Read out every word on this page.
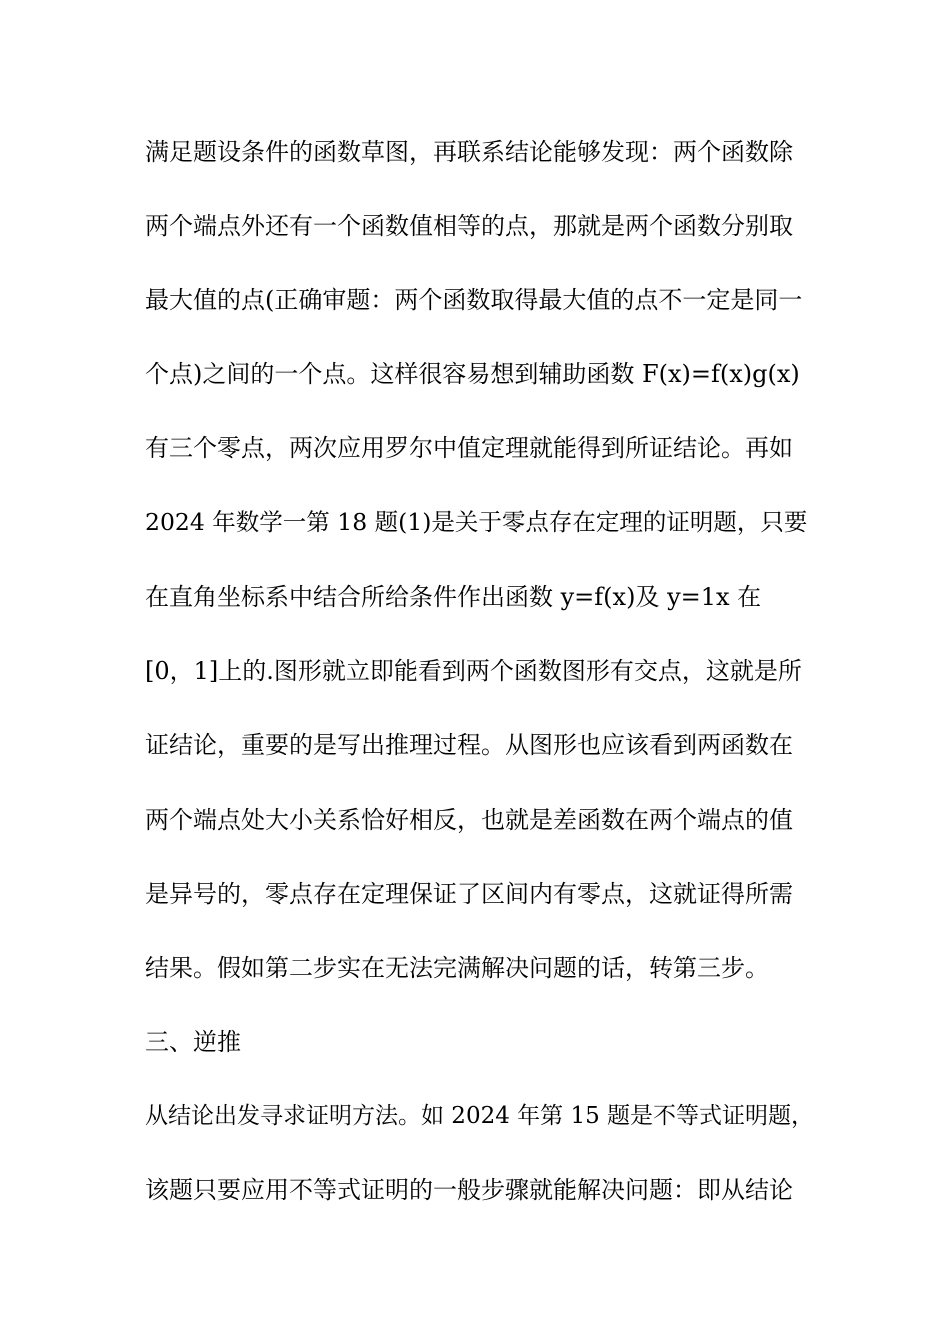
满足题设条件的函数草图，再联系结论能够发现：两个函数除
两个端点外还有一个函数值相等的点，那就是两个函数分别取
最大值的点(正确审题：两个函数取得最大值的点不一定是同一
个点)之间的一个点。这样很容易想到辅助函数 F(x)=f(x)g(x)
有三个零点，两次应用罗尔中值定理就能得到所证结论。再如
2024 年数学一第 18 题(1)是关于零点存在定理的证明题，只要
在直角坐标系中结合所给条件作出函数 y=f(x)及 y=1x 在
[0，1]上的.图形就立即能看到两个函数图形有交点，这就是所
证结论，重要的是写出推理过程。从图形也应该看到两函数在
两个端点处大小关系恰好相反，也就是差函数在两个端点的值
是异号的，零点存在定理保证了区间内有零点，这就证得所需
结果。假如第二步实在无法完满解决问题的话，转第三步。
三、逆推
从结论出发寻求证明方法。如 2024 年第 15 题是不等式证明题，
该题只要应用不等式证明的一般步骤就能解决问题：即从结论
